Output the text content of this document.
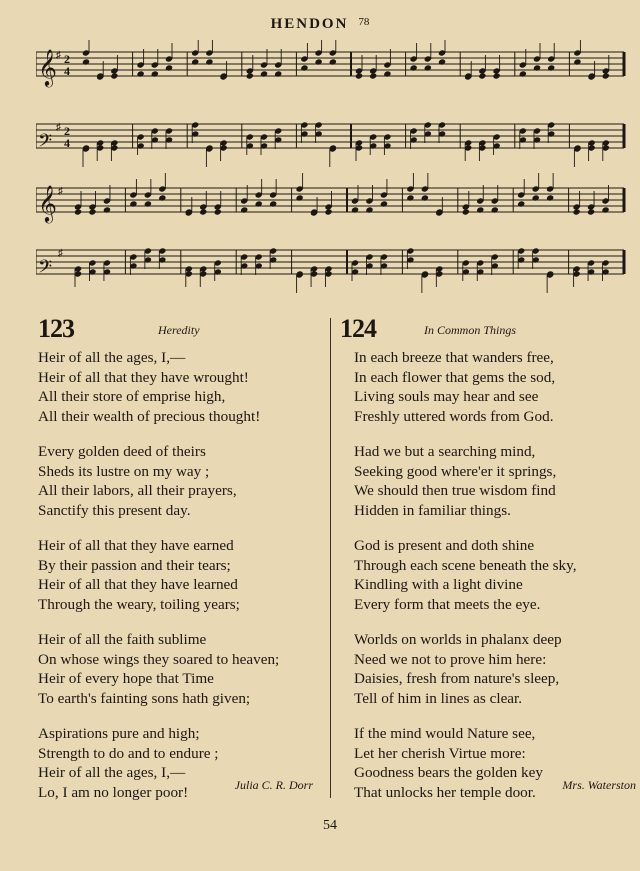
HENDON $^{78}$
𝄞 2
4
♯
𝄢 2
4
♯
𝄞 ♯
𝄢
♯
123	Heredity
Heir of all the ages, I,—
Heir of all that they have wrought!
All their store of emprise high,
All their wealth of precious thought!
Every golden deed of theirs
Sheds its lustre on my way ;
All their labors, all their prayers,
Sanctify this present day.
Heir of all that they have earned
By their passion and their tears;
Heir of all that they have learned
Through the weary, toiling years;
Heir of all the faith sublime
On whose wings they soared to heaven;
Heir of every hope that Time
To earth's fainting sons hath given;
Aspirations pure and high;
Strength to do and to endure ;
Heir of all the ages, I,—
Lo, I am no longer poor!	Julia C. R. Dorr
124	In Common Things
In each breeze that wanders free,
In each flower that gems the sod,
Living souls may hear and see
Freshly uttered words from God.
Had we but a searching mind,
Seeking good where'er it springs,
We should then true wisdom find
Hidden in familiar things.
God is present and doth shine
Through each scene beneath the sky,
Kindling with a light divine
Every form that meets the eye.
Worlds on worlds in phalanx deep
Need we not to prove him here:
Daisies, fresh from nature's sleep,
Tell of him in lines as clear.
If the mind would Nature see,
Let her cherish Virtue more:
Goodness bears the golden key
That unlocks her temple door.	Mrs. Waterston
54
